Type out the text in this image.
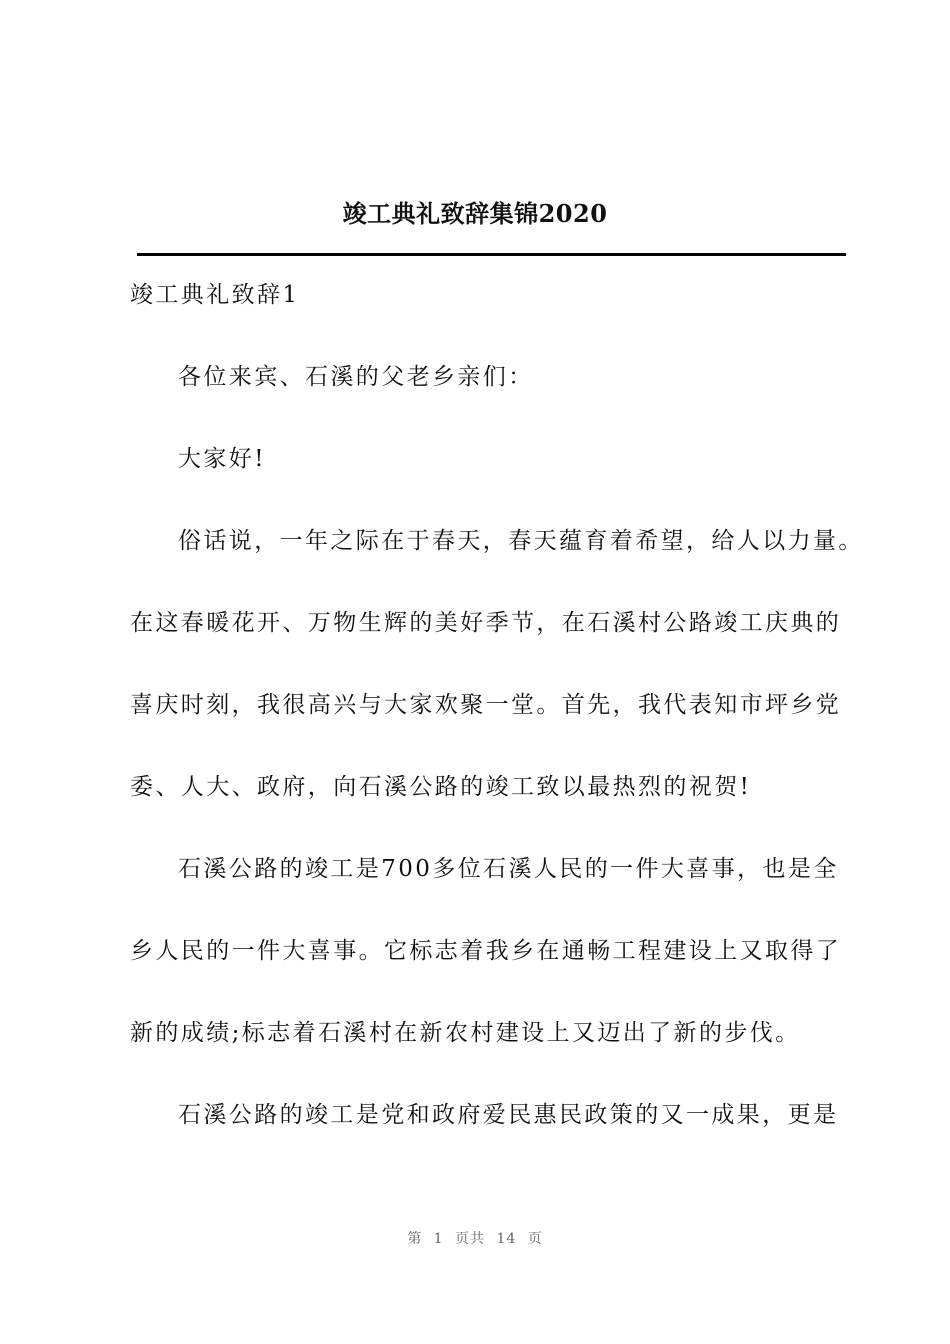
竣工典礼致辞集锦2020
竣工典礼致辞1
各位来宾、石溪的父老乡亲们：
大家好!
俗话说，一年之际在于春天，春天蕴育着希望，给人以力量。
在这春暖花开、万物生辉的美好季节，在石溪村公路竣工庆典的
喜庆时刻，我很高兴与大家欢聚一堂。首先，我代表知市坪乡党
委、人大、政府，向石溪公路的竣工致以最热烈的祝贺!
石溪公路的竣工是700多位石溪人民的一件大喜事，也是全
乡人民的一件大喜事。它标志着我乡在通畅工程建设上又取得了
新的成绩;标志着石溪村在新农村建设上又迈出了新的步伐。
石溪公路的竣工是党和政府爱民惠民政策的又一成果，更是
第 1 页共 14 页
